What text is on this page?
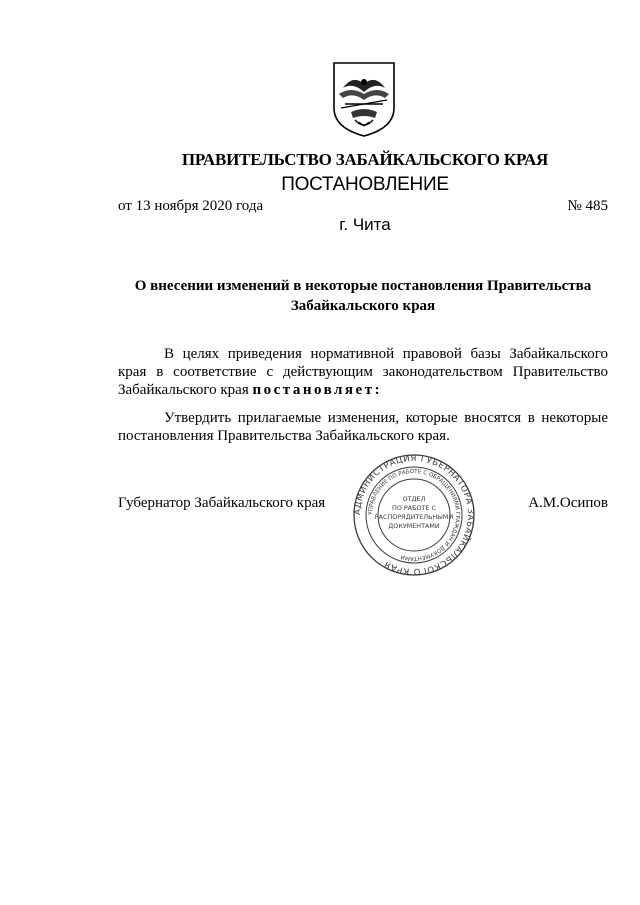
ПРАВИТЕЛЬСТВО ЗАБАЙКАЛЬСКОГО КРАЯ
ПОСТАНОВЛЕНИЕ
от 13 ноября 2020 года	№ 485
г. Чита
О внесении изменений в некоторые постановления Правительства Забайкальского края
В целях приведения нормативной правовой базы Забайкальского края в соответствие с действующим законодательством Правительство Забайкальского края постановляет:
Утвердить прилагаемые изменения, которые вносятся в некоторые постановления Правительства Забайкальского края.
Губернатор Забайкальского края	А.М.Осипов
АДМИНИСТРАЦИЯ ГУБЕРНАТОРА ЗАБАЙКАЛЬСКОГО КРАЯ
УПРАВЛЕНИЕ ПО РАБОТЕ С ОБРАЩЕНИЯМИ ГРАЖДАН И ДОКУМЕНТАМИ
ОТДЕЛ
ПО РАБОТЕ С
РАСПОРЯДИТЕЛЬНЫМИ
ДОКУМЕНТАМИ
